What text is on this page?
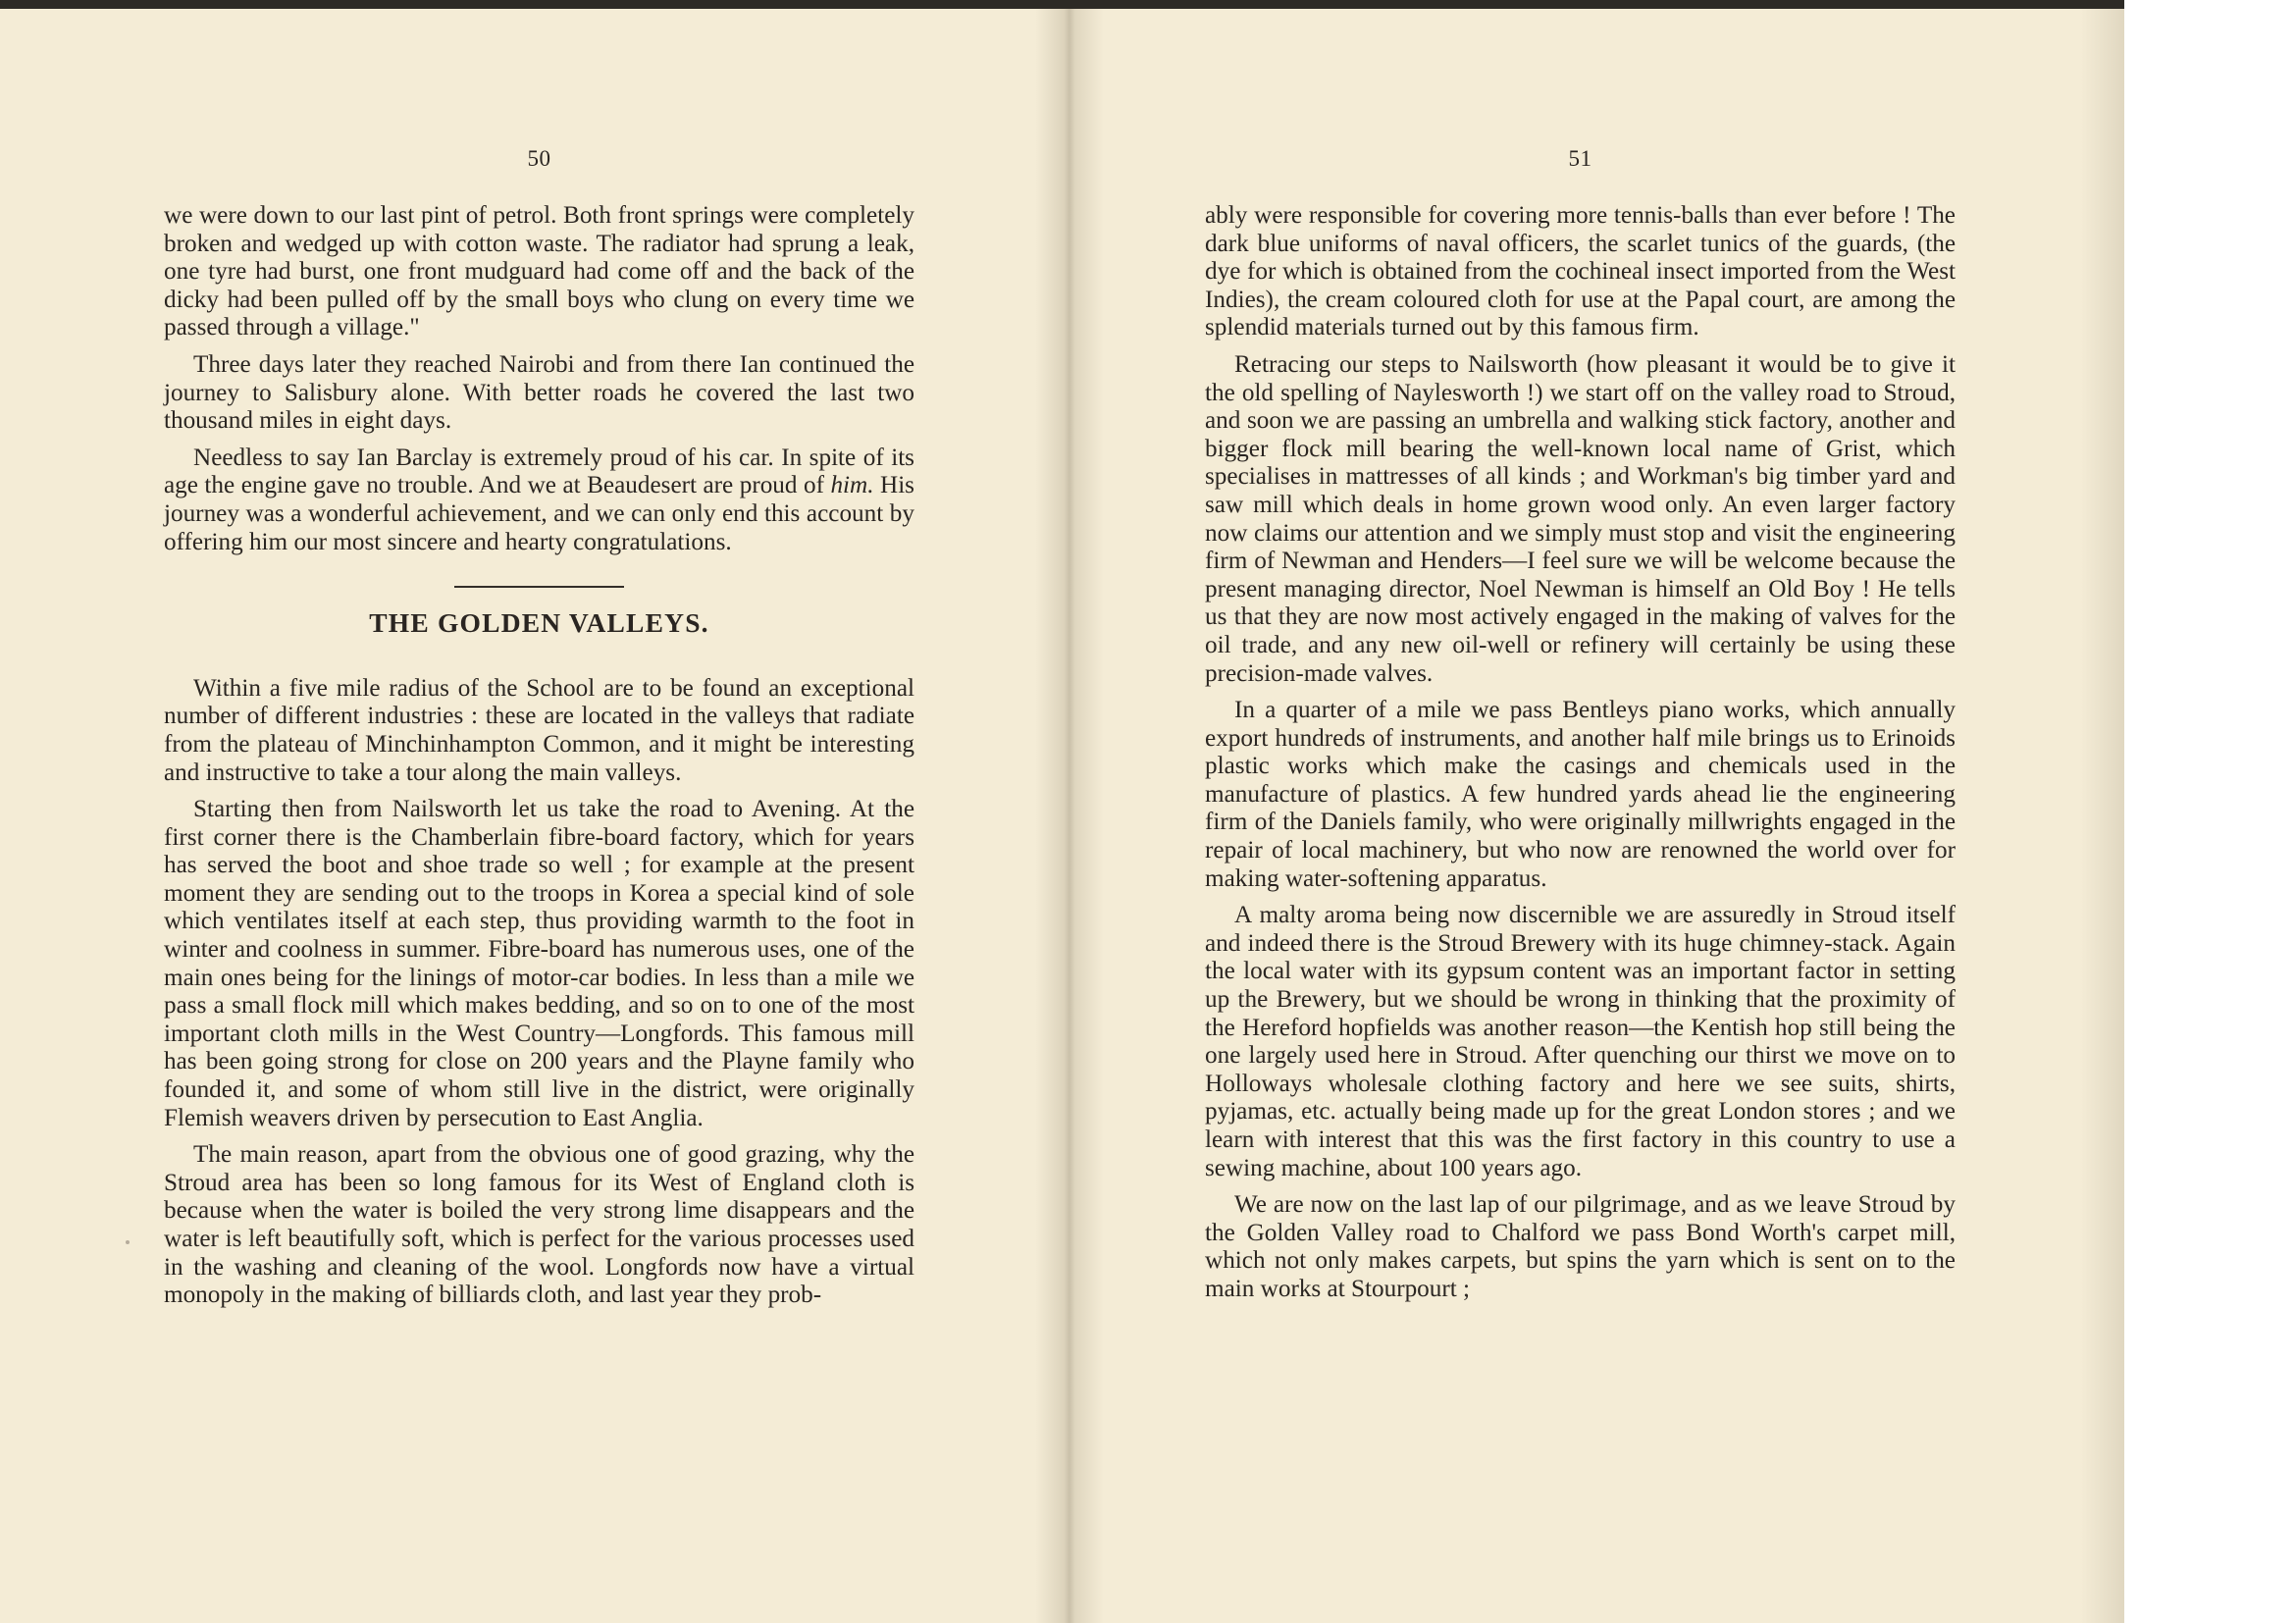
50

we were down to our last pint of petrol. Both front springs were completely broken and wedged up with cotton waste. The radiator had sprung a leak, one tyre had burst, one front mudguard had come off and the back of the dicky had been pulled off by the small boys who clung on every time we passed through a village."

Three days later they reached Nairobi and from there Ian continued the journey to Salisbury alone. With better roads he covered the last two thousand miles in eight days.

Needless to say Ian Barclay is extremely proud of his car. In spite of its age the engine gave no trouble. And we at Beaudesert are proud of him. His journey was a wonderful achievement, and we can only end this account by offering him our most sincere and hearty congratulations.

THE GOLDEN VALLEYS.

Within a five mile radius of the School are to be found an exceptional number of different industries : these are located in the valleys that radiate from the plateau of Minchinhampton Common, and it might be interesting and instructive to take a tour along the main valleys.

Starting then from Nailsworth let us take the road to Avening. At the first corner there is the Chamberlain fibre-board factory, which for years has served the boot and shoe trade so well ; for example at the present moment they are sending out to the troops in Korea a special kind of sole which ventilates itself at each step, thus providing warmth to the foot in winter and coolness in summer. Fibre-board has numerous uses, one of the main ones being for the linings of motor-car bodies. In less than a mile we pass a small flock mill which makes bedding, and so on to one of the most important cloth mills in the West Country—Longfords. This famous mill has been going strong for close on 200 years and the Playne family who founded it, and some of whom still live in the district, were originally Flemish weavers driven by persecution to East Anglia.

The main reason, apart from the obvious one of good grazing, why the Stroud area has been so long famous for its West of England cloth is because when the water is boiled the very strong lime disappears and the water is left beautifully soft, which is perfect for the various processes used in the washing and cleaning of the wool. Longfords now have a virtual monopoly in the making of billiards cloth, and last year they prob-

51

ably were responsible for covering more tennis-balls than ever before ! The dark blue uniforms of naval officers, the scarlet tunics of the guards, (the dye for which is obtained from the cochineal insect imported from the West Indies), the cream coloured cloth for use at the Papal court, are among the splendid materials turned out by this famous firm.

Retracing our steps to Nailsworth (how pleasant it would be to give it the old spelling of Naylesworth !) we start off on the valley road to Stroud, and soon we are passing an umbrella and walking stick factory, another and bigger flock mill bearing the well-known local name of Grist, which specialises in mattresses of all kinds ; and Workman's big timber yard and saw mill which deals in home grown wood only. An even larger factory now claims our attention and we simply must stop and visit the engineering firm of Newman and Henders—I feel sure we will be welcome because the present managing director, Noel Newman is himself an Old Boy ! He tells us that they are now most actively engaged in the making of valves for the oil trade, and any new oil-well or refinery will certainly be using these precision-made valves.

In a quarter of a mile we pass Bentleys piano works, which annually export hundreds of instruments, and another half mile brings us to Erinoids plastic works which make the casings and chemicals used in the manufacture of plastics. A few hundred yards ahead lie the engineering firm of the Daniels family, who were originally millwrights engaged in the repair of local machinery, but who now are renowned the world over for making water-softening apparatus.

A malty aroma being now discernible we are assuredly in Stroud itself and indeed there is the Stroud Brewery with its huge chimney-stack. Again the local water with its gypsum content was an important factor in setting up the Brewery, but we should be wrong in thinking that the proximity of the Hereford hopfields was another reason—the Kentish hop still being the one largely used here in Stroud. After quenching our thirst we move on to Holloways wholesale clothing factory and here we see suits, shirts, pyjamas, etc. actually being made up for the great London stores ; and we learn with interest that this was the first factory in this country to use a sewing machine, about 100 years ago.

We are now on the last lap of our pilgrimage, and as we leave Stroud by the Golden Valley road to Chalford we pass Bond Worth's carpet mill, which not only makes carpets, but spins the yarn which is sent on to the main works at Stourpourt ;
